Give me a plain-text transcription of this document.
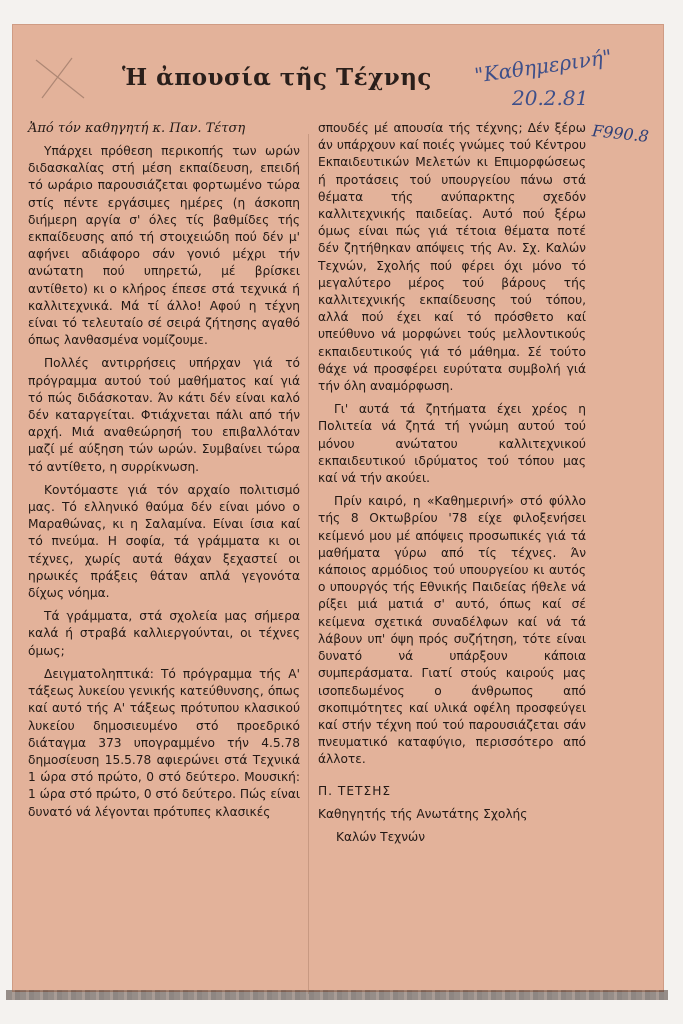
Ἡ ἀπουσία τῆς Τέχνης	"Καθημερινή"
20.2.81
F990.8

Ἀπό τόν καθηγητή κ. Παν. Τέτση

Υπάρχει πρόθεση περικοπής των ωρών διδασκαλίας στή μέση εκπαίδευση, επειδή τό ωράριο παρουσιάζεται φορτωμένο τώρα στίς πέντε εργάσιμες ημέρες (η άσκοπη διήμερη αργία σ' όλες τίς βαθμίδες τής εκπαίδευσης από τή στοιχειώδη πού δέν μ' αφήνει αδιάφορο σάν γονιό μέχρι τήν ανώτατη πού υπηρετώ, μέ βρίσκει αντίθετο) κι ο κλήρος έπεσε στά τεχνικά ή καλλιτεχνικά. Μά τί άλλο! Αφού η τέχνη είναι τό τελευταίο σέ σειρά ζήτησης αγαθό όπως λανθασμένα νομίζουμε.

Πολλές αντιρρήσεις υπήρχαν γιά τό πρόγραμμα αυτού τού μαθήματος καί γιά τό πώς διδάσκοταν. Άν κάτι δέν είναι καλό δέν καταργείται. Φτιάχνεται πάλι από τήν αρχή. Μιά αναθεώρησή του επιβαλλόταν μαζί μέ αύξηση τών ωρών. Συμβαίνει τώρα τό αντίθετο, η συρρίκνωση.

Κοντόμαστε γιά τόν αρχαίο πολιτισμό μας. Τό ελληνικό θαύμα δέν είναι μόνο ο Μαραθώνας, κι η Σαλαμίνα. Είναι ίσια καί τό πνεύμα. Η σοφία, τά γράμματα κι οι τέχνες, χωρίς αυτά θάχαν ξεχαστεί οι ηρωικές πράξεις θάταν απλά γεγονότα δίχως νόημα.

Τά γράμματα, στά σχολεία μας σήμερα καλά ή στραβά καλλιεργούνται, οι τέχνες όμως;

Δειγματοληπτικά: Τό πρόγραμμα τής Α' τάξεως λυκείου γενικής κατεύθυνσης, όπως καί αυτό τής Α' τάξεως πρότυπου κλασικού λυκείου δημοσιευμένο στό προεδρικό διάταγμα 373 υπογραμμένο τήν 4.5.78 δημοσίευση 15.5.78 αφιερώνει στά Τεχνικά 1 ώρα στό πρώτο, 0 στό δεύτερο. Μουσική: 1 ώρα στό πρώτο, 0 στό δεύτερο. Πώς είναι δυνατό νά λέγονται πρότυπες κλασικές

σπουδές μέ απουσία τής τέχνης; Δέν ξέρω άν υπάρχουν καί ποιές γνώμες τού Κέντρου Εκπαιδευτικών Μελετών κι Επιμορφώσεως ή προτάσεις τού υπουργείου πάνω στά θέματα τής ανύπαρκτης σχεδόν καλλιτεχνικής παιδείας. Αυτό πού ξέρω όμως είναι πώς γιά τέτοια θέματα ποτέ δέν ζητήθηκαν απόψεις τής Αν. Σχ. Καλών Τεχνών, Σχολής πού φέρει όχι μόνο τό μεγαλύτερο μέρος τού βάρους τής καλλιτεχνικής εκπαίδευσης τού τόπου, αλλά πού έχει καί τό πρόσθετο καί υπεύθυνο νά μορφώνει τούς μελλοντικούς εκπαιδευτικούς γιά τό μάθημα. Σέ τούτο θάχε νά προσφέρει ευρύτατα συμβολή γιά τήν όλη αναμόρφωση.

Γι' αυτά τά ζητήματα έχει χρέος η Πολιτεία νά ζητά τή γνώμη αυτού τού μόνου ανώτατου καλλιτεχνικού εκπαιδευτικού ιδρύματος τού τόπου μας καί νά τήν ακούει.

Πρίν καιρό, η «Καθημερινή» στό φύλλο τής 8 Οκτωβρίου '78 είχε φιλοξενήσει κείμενό μου μέ απόψεις προσωπικές γιά τά μαθήματα γύρω από τίς τέχνες. Άν κάποιος αρμόδιος τού υπουργείου κι αυτός ο υπουργός τής Εθνικής Παιδείας ήθελε νά ρίξει μιά ματιά σ' αυτό, όπως καί σέ κείμενα σχετικά συναδέλφων καί νά τά λάβουν υπ' όψη πρός συζήτηση, τότε είναι δυνατό νά υπάρξουν κάποια συμπεράσματα. Γιατί στούς καιρούς μας ισοπεδωμένος ο άνθρωπος από σκοπιμότητες καί υλικά οφέλη προσφεύγει καί στήν τέχνη πού τού παρουσιάζεται σάν πνευματικό καταφύγιο, περισσότερο από άλλοτε.

Π. ΤΕΤΣΗΣ

Καθηγητής τής Ανωτάτης Σχολής

Καλών Τεχνών
